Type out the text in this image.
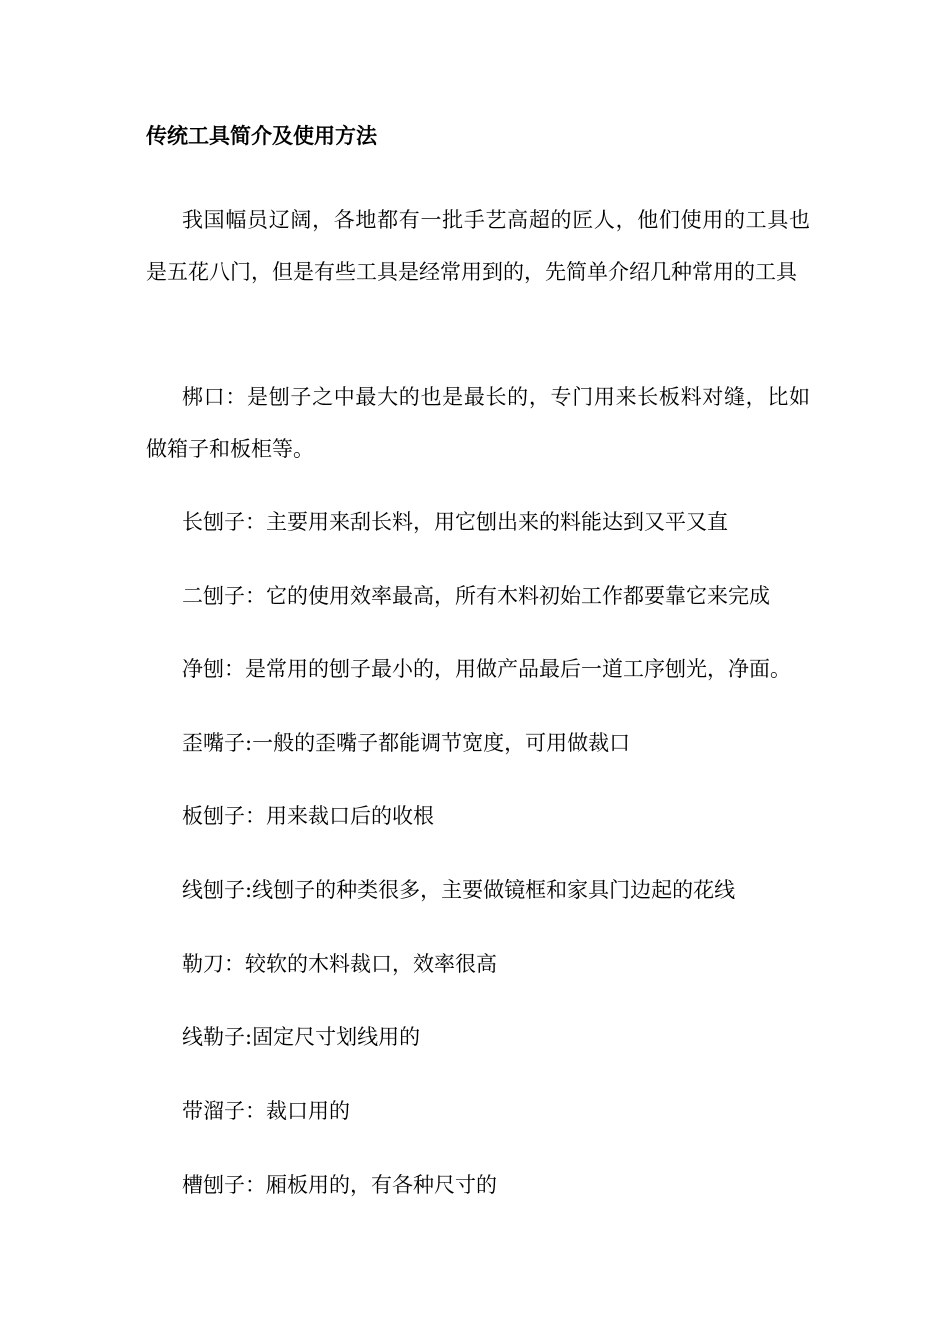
传统工具简介及使用方法

我国幅员辽阔，各地都有一批手艺高超的匠人，他们使用的工具也是五花八门，但是有些工具是经常用到的，先简单介绍几种常用的工具

梆口：是刨子之中最大的也是最长的，专门用来长板料对缝，比如做箱子和板柜等。

长刨子：主要用来刮长料，用它刨出来的料能达到又平又直
二刨子：它的使用效率最高，所有木料初始工作都要靠它来完成
净刨：是常用的刨子最小的，用做产品最后一道工序刨光，净面。
歪嘴子:一般的歪嘴子都能调节宽度，可用做裁口
板刨子：用来裁口后的收根
线刨子:线刨子的种类很多，主要做镜框和家具门边起的花线
勒刀：较软的木料裁口，效率很高
线勒子:固定尺寸划线用的
带溜子：裁口用的
槽刨子：厢板用的，有各种尺寸的
